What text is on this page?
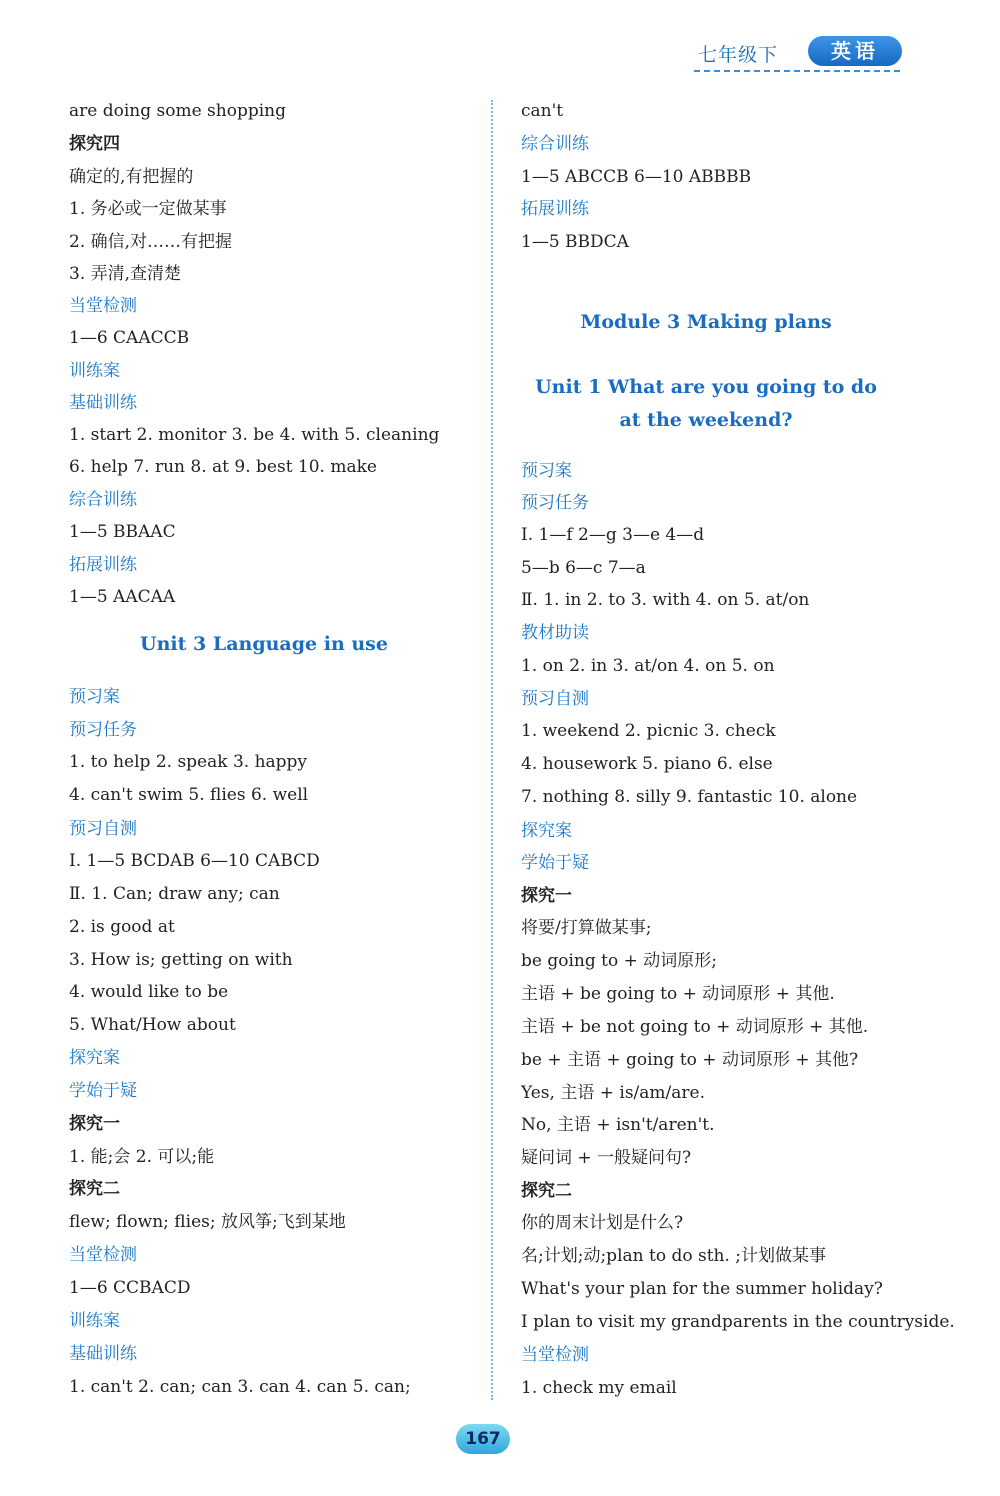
七年级下	英语
are doing some shopping
探究四
确定的,有把握的
1. 务必或一定做某事
2. 确信,对……有把握
3. 弄清,查清楚
当堂检测
1—6 CAACCB
训练案
基础训练
1. start 2. monitor 3. be 4. with 5. cleaning
6. help 7. run 8. at 9. best 10. make
综合训练
1—5 BBAAC
拓展训练
1—5 AACAA
Unit 3 Language in use
预习案
预习任务
1. to help 2. speak 3. happy
4. can't swim 5. flies 6. well
预习自测
Ⅰ. 1—5 BCDAB 6—10 CABCD
Ⅱ. 1. Can; draw any; can
2. is good at
3. How is; getting on with
4. would like to be
5. What/How about
探究案
学始于疑
探究一
1. 能;会 2. 可以;能
探究二
flew; flown; flies; 放风筝;飞到某地
当堂检测
1—6 CCBACD
训练案
基础训练
1. can't 2. can; can 3. can 4. can 5. can;
can't
综合训练
1—5 ABCCB 6—10 ABBBB
拓展训练
1—5 BBDCA
Module 3 Making plans
Unit 1 What are you going to do
at the weekend?
预习案
预习任务
Ⅰ. 1—f 2—g 3—e 4—d
5—b 6—c 7—a
Ⅱ. 1. in 2. to 3. with 4. on 5. at/on
教材助读
1. on 2. in 3. at/on 4. on 5. on
预习自测
1. weekend 2. picnic 3. check
4. housework 5. piano 6. else
7. nothing 8. silly 9. fantastic 10. alone
探究案
学始于疑
探究一
将要/打算做某事;
be going to + 动词原形;
主语 + be going to + 动词原形 + 其他.
主语 + be not going to + 动词原形 + 其他.
be + 主语 + going to + 动词原形 + 其他?
Yes, 主语 + is/am/are.
No, 主语 + isn't/aren't.
疑问词 + 一般疑问句?
探究二
你的周末计划是什么?
名;计划;动;plan to do sth. ;计划做某事
What's your plan for the summer holiday?
I plan to visit my grandparents in the countryside.
当堂检测
1. check my email
167
